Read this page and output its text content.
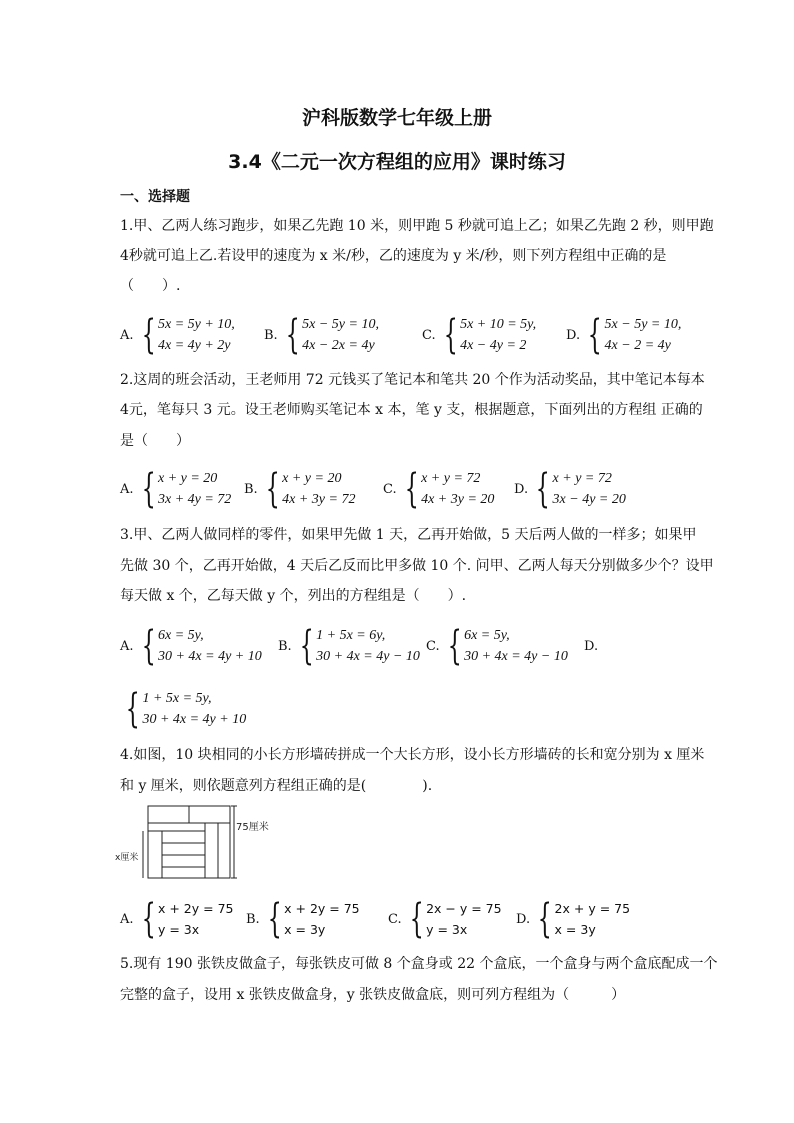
沪科版数学七年级上册
3.4《二元一次方程组的应用》课时练习
一、选择题
1.甲、乙两人练习跑步，如果乙先跑 10 米，则甲跑 5 秒就可追上乙；如果乙先跑 2 秒，则甲跑
4秒就可追上乙.若设甲的速度为 x 米/秒，乙的速度为 y 米/秒，则下列方程组中正确的是
（　　）.
A. { 5x = 5y + 10,
4x = 4y + 2y
B. { 5x − 5y = 10,
4x − 2x = 4y
C. { 5x + 10 = 5y,
4x − 4y = 2
D. { 5x − 5y = 10,
4x − 2 = 4y
2.这周的班会活动，王老师用 72 元钱买了笔记本和笔共 20 个作为活动奖品，其中笔记本每本
4元，笔每只 3 元。设王老师购买笔记本 x 本，笔 y 支，根据题意，下面列出的方程组 正确的
是（　　）
A. { x + y = 20
3x + 4y = 72
B. { x + y = 20
4x + 3y = 72
C. { x + y = 72
4x + 3y = 20
D. { x + y = 72
3x − 4y = 20
3.甲、乙两人做同样的零件，如果甲先做 1 天，乙再开始做，5 天后两人做的一样多；如果甲
先做 30 个，乙再开始做，4 天后乙反而比甲多做 10 个. 问甲、乙两人每天分别做多少个？设甲
每天做 x 个，乙每天做 y 个，列出的方程组是（　　）.
A. { 6x = 5y,
30 + 4x = 4y + 10
B. { 1 + 5x = 6y,
30 + 4x = 4y − 10
C. { 6x = 5y,
30 + 4x = 4y − 10
D.
{ 1 + 5x = 5y,
30 + 4x = 4y + 10
4.如图，10 块相同的小长方形墙砖拼成一个大长方形，设小长方形墙砖的长和宽分别为 x 厘米
和 y 厘米，则依题意列方程组正确的是(　　　　).
75厘米
x厘米
A. { x + 2y = 75
y = 3x
B. { x + 2y = 75
x = 3y
C. { 2x − y = 75
y = 3x
D. { 2x + y = 75
x = 3y
5.现有 190 张铁皮做盒子，每张铁皮可做 8 个盒身或 22 个盒底，一个盒身与两个盒底配成一个
完整的盒子，设用 x 张铁皮做盒身，y 张铁皮做盒底，则可列方程组为（　　　）
